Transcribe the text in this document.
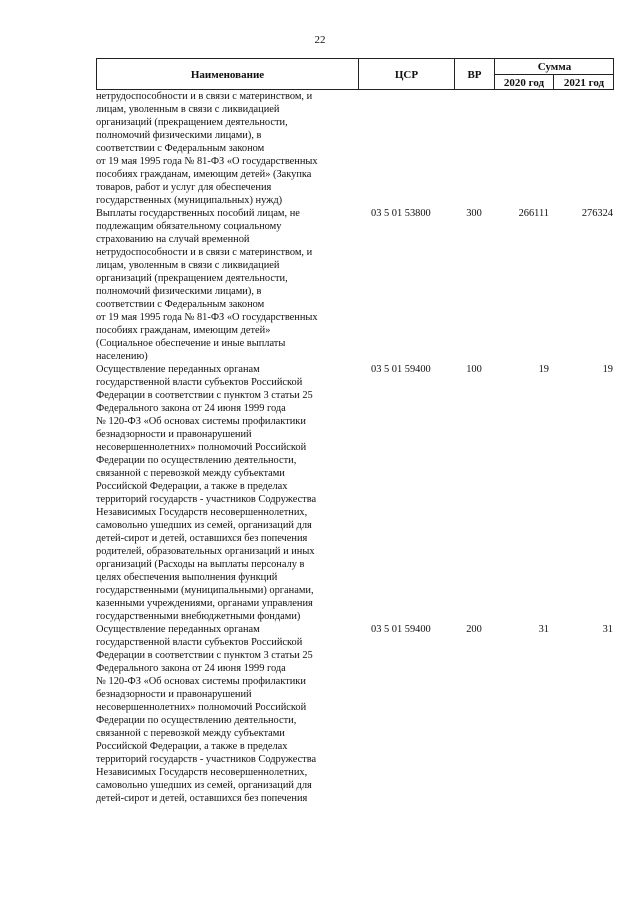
22
Наименование	ЦСР	ВР
Сумма
2020 год	2021 год
нетрудоспособности и в связи с материнством, и
лицам, уволенным в связи с ликвидацией
организаций (прекращением деятельности,
полномочий физическими лицами), в
соответствии с Федеральным законом
от 19 мая 1995 года № 81-ФЗ «О государственных
пособиях гражданам, имеющим детей» (Закупка
товаров, работ и услуг для обеспечения
государственных (муниципальных) нужд)
Выплаты государственных пособий лицам, не
подлежащим обязательному социальному
страхованию на случай временной
нетрудоспособности и в связи с материнством, и
лицам, уволенным в связи с ликвидацией
организаций (прекращением деятельности,
полномочий физическими лицами), в
соответствии с Федеральным законом
от 19 мая 1995 года № 81-ФЗ «О государственных
пособиях гражданам, имеющим детей»
(Социальное обеспечение и иные выплаты
населению)
03 5 01 53800	300	266111	276324
Осуществление переданных органам
государственной власти субъектов Российской
Федерации в соответствии с пунктом 3 статьи 25
Федерального закона от 24 июня 1999 года
№ 120-ФЗ «Об основах системы профилактики
безнадзорности и правонарушений
несовершеннолетних» полномочий Российской
Федерации по осуществлению деятельности,
связанной с перевозкой между субъектами
Российской Федерации, а также в пределах
территорий государств - участников Содружества
Независимых Государств несовершеннолетних,
самовольно ушедших из семей, организаций для
детей-сирот и детей, оставшихся без попечения
родителей, образовательных организаций и иных
организаций (Расходы на выплаты персоналу в
целях обеспечения выполнения функций
государственными (муниципальными) органами,
казенными учреждениями, органами управления
государственными внебюджетными фондами)
03 5 01 59400	100	19	19
Осуществление переданных органам
государственной власти субъектов Российской
Федерации в соответствии с пунктом 3 статьи 25
Федерального закона от 24 июня 1999 года
№ 120-ФЗ «Об основах системы профилактики
безнадзорности и правонарушений
несовершеннолетних» полномочий Российской
Федерации по осуществлению деятельности,
связанной с перевозкой между субъектами
Российской Федерации, а также в пределах
территорий государств - участников Содружества
Независимых Государств несовершеннолетних,
самовольно ушедших из семей, организаций для
детей-сирот и детей, оставшихся без попечения
03 5 01 59400	200	31	31
